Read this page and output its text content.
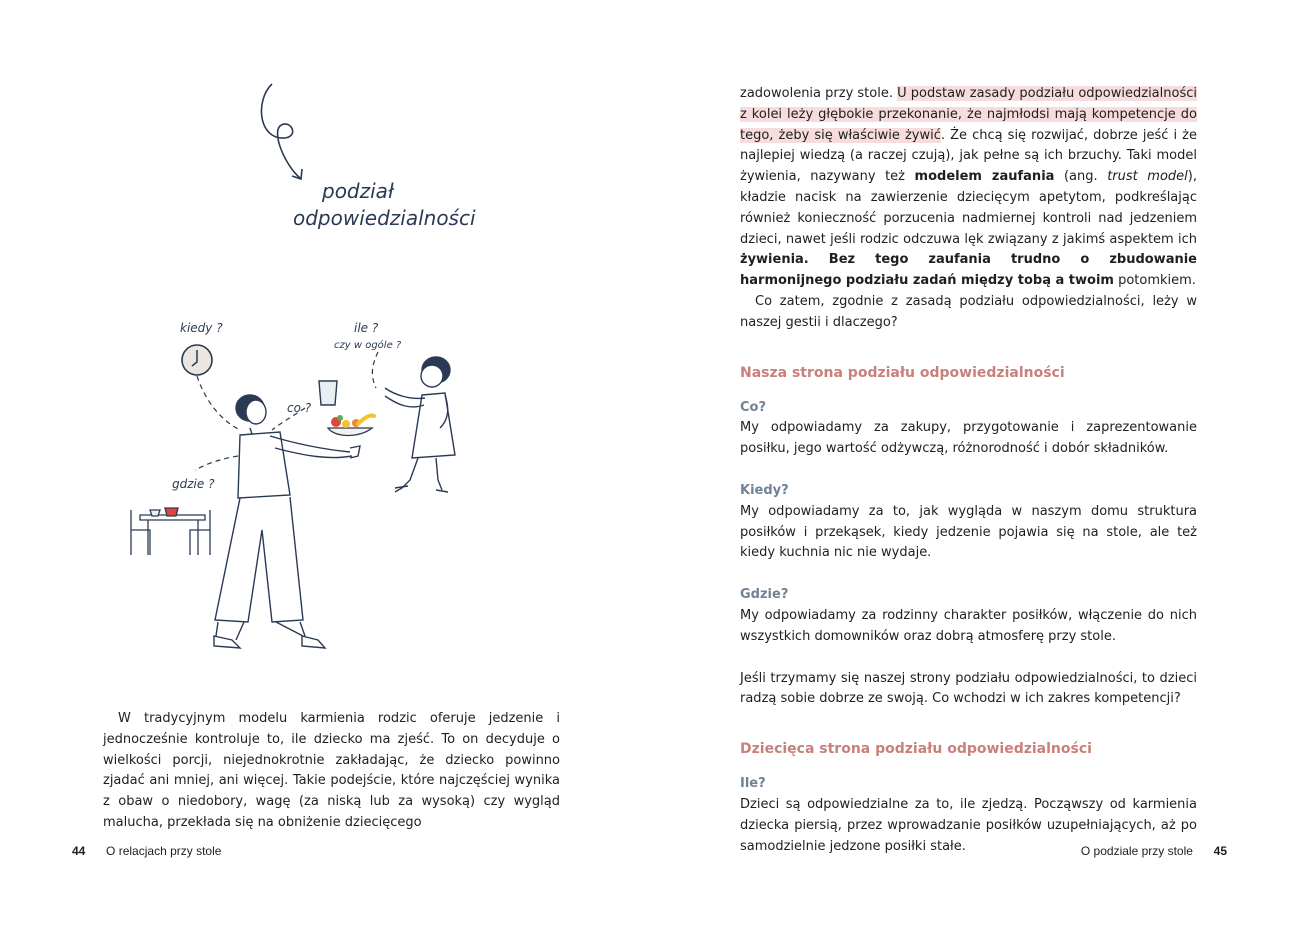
podział
odpowiedzialności
kiedy ?	ile ?
czy w ogóle ?
co ?
gdzie ?

W tradycyjnym modelu karmienia rodzic oferuje jedzenie i jednocześnie kontroluje to, ile dziecko ma zjeść. To on decyduje o wielkości porcji, niejednokrotnie zakładając, że dziecko powinno zjadać ani mniej, ani więcej. Takie podejście, które najczęściej wynika z obaw o niedobory, wagę (za niską lub za wysoką) czy wygląd malucha, przekłada się na obniżenie dziecięcego

44 O relacjach przy stole

zadowolenia przy stole. U podstaw zasady podziału odpowiedzialności z kolei leży głębokie przekonanie, że najmłodsi mają kompetencje do tego, żeby się właściwie żywić. Że chcą się rozwijać, dobrze jeść i że najlepiej wiedzą (a raczej czują), jak pełne są ich brzuchy. Taki model żywienia, nazywany też modelem zaufania (ang. trust model), kładzie nacisk na zawierzenie dziecięcym apetytom, podkreślając również konieczność porzucenia nadmiernej kontroli nad jedzeniem dzieci, nawet jeśli rodzic odczuwa lęk związany z jakimś aspektem ich żywienia. Bez tego zaufania trudno o zbudowanie harmonijnego podziału zadań między tobą a twoim potomkiem.

Co zatem, zgodnie z zasadą podziału odpowiedzialności, leży w naszej gestii i dlaczego?

Nasza strona podziału odpowiedzialności
Co?

My odpowiadamy za zakupy, przygotowanie i zaprezentowanie posiłku, jego wartość odżywczą, różnorodność i dobór składników.

Kiedy?

My odpowiadamy za to, jak wygląda w naszym domu struktura posiłków i przekąsek, kiedy jedzenie pojawia się na stole, ale też kiedy kuchnia nic nie wydaje.

Gdzie?

My odpowiadamy za rodzinny charakter posiłków, włączenie do nich wszystkich domowników oraz dobrą atmosferę przy stole.

Jeśli trzymamy się naszej strony podziału odpowiedzialności, to dzieci radzą sobie dobrze ze swoją. Co wchodzi w ich zakres kompetencji?

Dziecięca strona podziału odpowiedzialności
Ile?

Dzieci są odpowiedzialne za to, ile zjedzą. Począwszy od karmienia dziecka piersią, przez wprowadzanie posiłków uzupełniających, aż po samodzielnie jedzone posiłki stałe.	O podziale przy stole 45
